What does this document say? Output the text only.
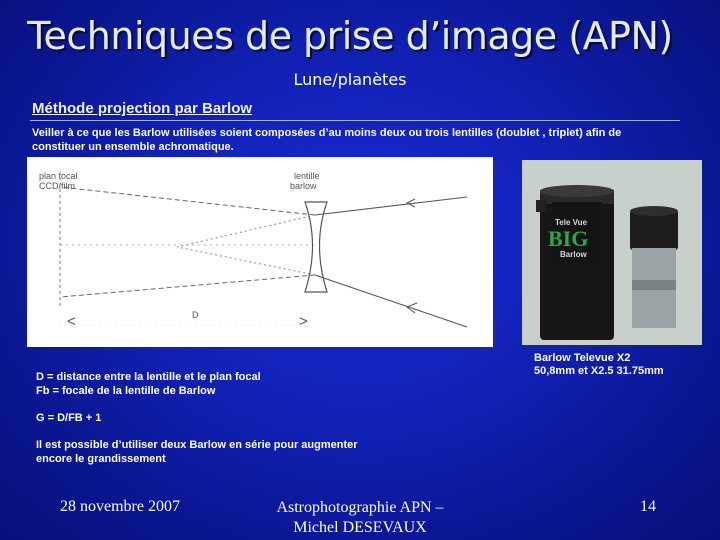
Techniques de prise d’image (APN)
Lune/planètes
Méthode projection par Barlow
Veiller à ce que les Barlow utilisées soient composées d’au moins deux ou trois lentilles (doublet , triplet) afin de constituer un ensemble achromatique.
plan focal
CCD/film
lentille
barlow
D
<	>
Tele Vue
BIG
Barlow
Barlow Televue X2
50,8mm et X2.5 31.75mm
D = distance entre la lentille et le plan focal
Fb = focale de la lentille de Barlow
G = D/FB + 1
Il est possible d’utiliser deux Barlow en série pour augmenter
encore le grandissement
28 novembre 2007	Astrophotographie APN –
Michel DESEVAUX
14
